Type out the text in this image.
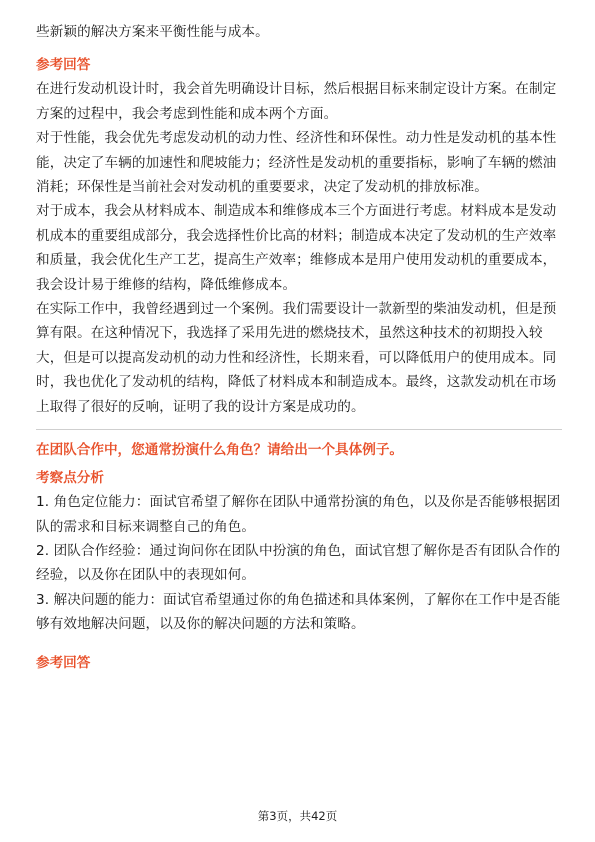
些新颖的解决方案来平衡性能与成本。

参考回答

在进行发动机设计时，我会首先明确设计目标，然后根据目标来制定设计方案。在制定方案的过程中，我会考虑到性能和成本两个方面。

对于性能，我会优先考虑发动机的动力性、经济性和环保性。动力性是发动机的基本性能，决定了车辆的加速性和爬坡能力；经济性是发动机的重要指标，影响了车辆的燃油消耗；环保性是当前社会对发动机的重要要求，决定了发动机的排放标准。

对于成本，我会从材料成本、制造成本和维修成本三个方面进行考虑。材料成本是发动机成本的重要组成部分，我会选择性价比高的材料；制造成本决定了发动机的生产效率和质量，我会优化生产工艺，提高生产效率；维修成本是用户使用发动机的重要成本，我会设计易于维修的结构，降低维修成本。

在实际工作中，我曾经遇到过一个案例。我们需要设计一款新型的柴油发动机，但是预算有限。在这种情况下，我选择了采用先进的燃烧技术，虽然这种技术的初期投入较大，但是可以提高发动机的动力性和经济性，长期来看，可以降低用户的使用成本。同时，我也优化了发动机的结构，降低了材料成本和制造成本。最终，这款发动机在市场上取得了很好的反响，证明了我的设计方案是成功的。

在团队合作中，您通常扮演什么角色？请给出一个具体例子。
考察点分析

1. 角色定位能力：面试官希望了解你在团队中通常扮演的角色，以及你是否能够根据团队的需求和目标来调整自己的角色。

2. 团队合作经验：通过询问你在团队中扮演的角色，面试官想了解你是否有团队合作的经验，以及你在团队中的表现如何。

3. 解决问题的能力：面试官希望通过你的角色描述和具体案例，了解你在工作中是否能够有效地解决问题，以及你的解决问题的方法和策略。

参考回答
第3页，共42页
